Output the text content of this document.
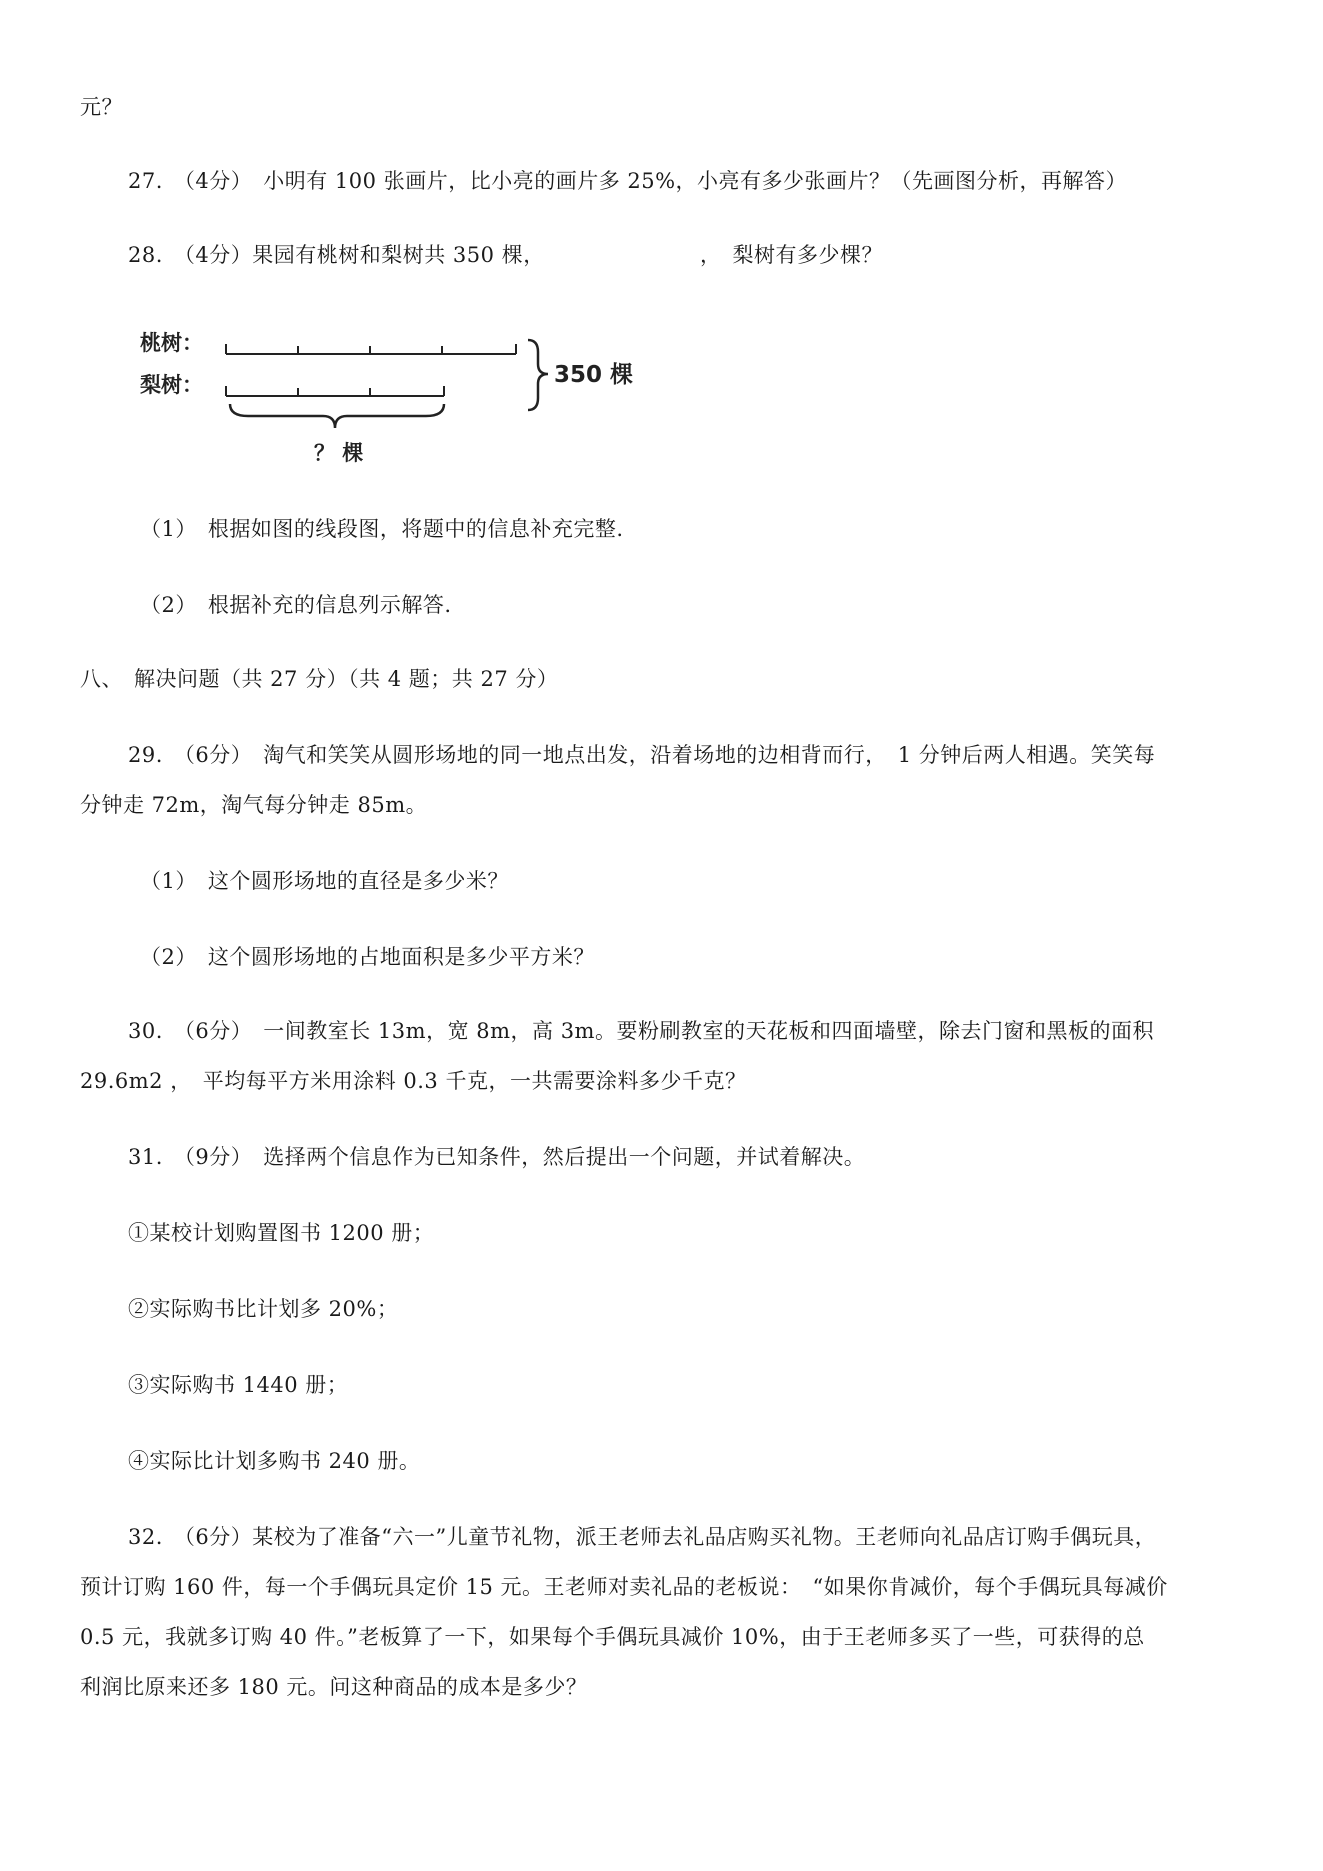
元？
27.　（4分）　小明有 100 张画片，比小亮的画片多 25%，小亮有多少张画片？（先画图分析，再解答）
28.　（4分）果园有桃树和梨树共 350 棵，	，　梨树有多少棵？
桃树：
梨树：	350 棵
？ 棵
（1）　根据如图的线段图，将题中的信息补充完整.
（2）　根据补充的信息列示解答.
八、　解决问题（共 27 分）（共 4 题；共 27 分）
29.　（6分）　淘气和笑笑从圆形场地的同一地点出发，沿着场地的边相背而行，　1 分钟后两人相遇。笑笑每
分钟走 72m，淘气每分钟走 85m。
（1）　这个圆形场地的直径是多少米？
（2）　这个圆形场地的占地面积是多少平方米？
30.　（6分）　一间教室长 13m，宽 8m，高 3m。要粉刷教室的天花板和四面墙壁，除去门窗和黑板的面积
29.6m2 ，　平均每平方米用涂料 0.3 千克，一共需要涂料多少千克？
31.　（9分）　选择两个信息作为已知条件，然后提出一个问题，并试着解决。
①某校计划购置图书 1200 册；
②实际购书比计划多 20%；
③实际购书 1440 册；
④实际比计划多购书 240 册。
32.　（6分）某校为了准备“六一”儿童节礼物，派王老师去礼品店购买礼物。王老师向礼品店订购手偶玩具，
预计订购 160 件，每一个手偶玩具定价 15 元。王老师对卖礼品的老板说：　“如果你肯减价，每个手偶玩具每减价
0.5 元，我就多订购 40 件。”老板算了一下，如果每个手偶玩具减价 10%，由于王老师多买了一些，可获得的总
利润比原来还多 180 元。问这种商品的成本是多少？
